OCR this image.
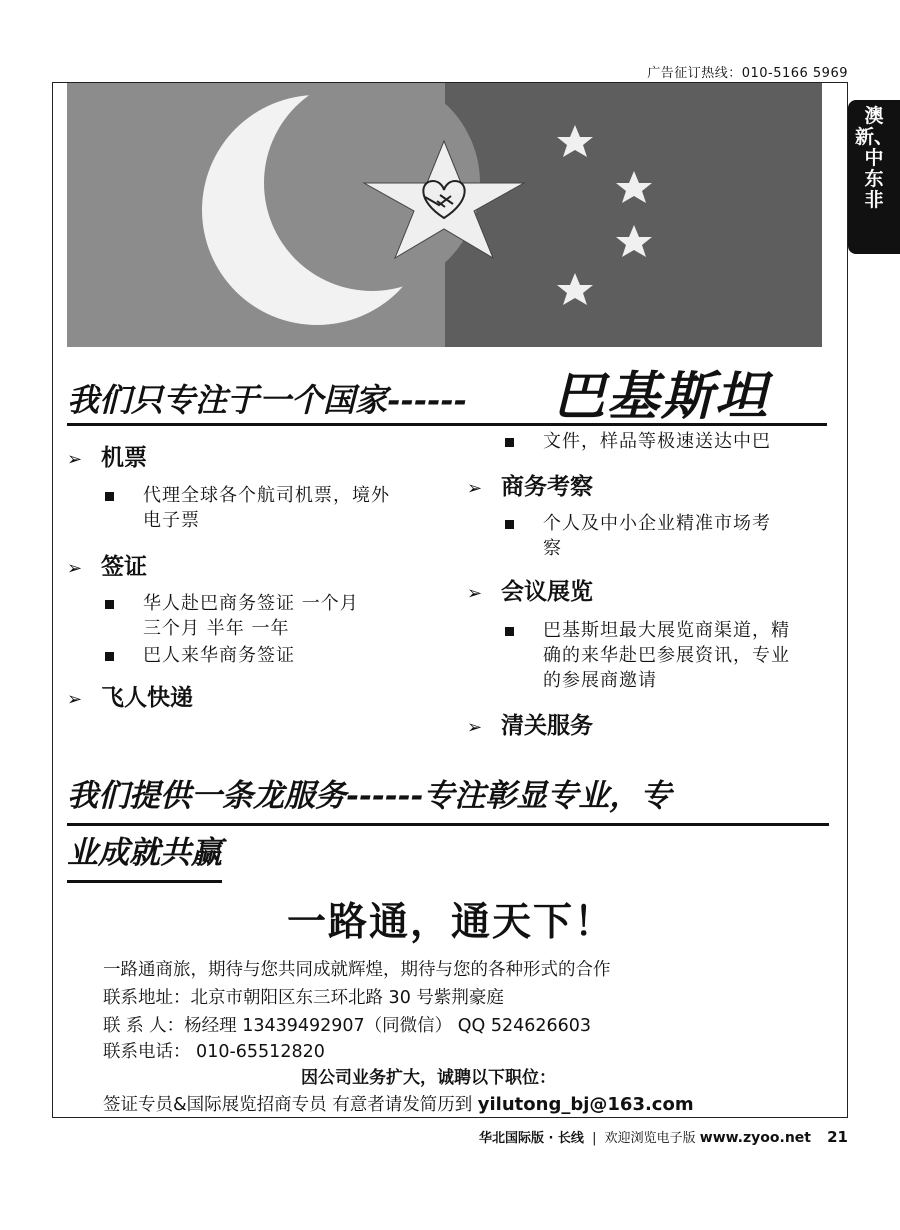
广告征订热线：010-5166 5969
澳
新、
中
东
非
我们只专注于一个国家------ 巴基斯坦
➢ 机票
代理全球各个航司机票，境外
电子票
➢ 签证
华人赴巴商务签证 一个月
三个月 半年 一年
巴人来华商务签证
➢ 飞人快递
文件，样品等极速送达中巴
➢ 商务考察
个人及中小企业精准市场考
察
➢ 会议展览
巴基斯坦最大展览商渠道，精
确的来华赴巴参展资讯，专业
的参展商邀请
➢ 清关服务
我们提供一条龙服务------专注彰显专业，专
业成就共赢
一路通，通天下！
一路通商旅，期待与您共同成就辉煌，期待与您的各种形式的合作
联系地址：北京市朝阳区东三环北路 30 号紫荆豪庭
联 系 人：杨经理 13439492907（同微信） QQ 524626603
联系电话： 010-65512820
因公司业务扩大，诚聘以下职位：
签证专员&国际展览招商专员 有意者请发简历到 yilutong_bj@163.com
华北国际版 · 长线 | 欢迎浏览电子版 www.zyoo.net 21
